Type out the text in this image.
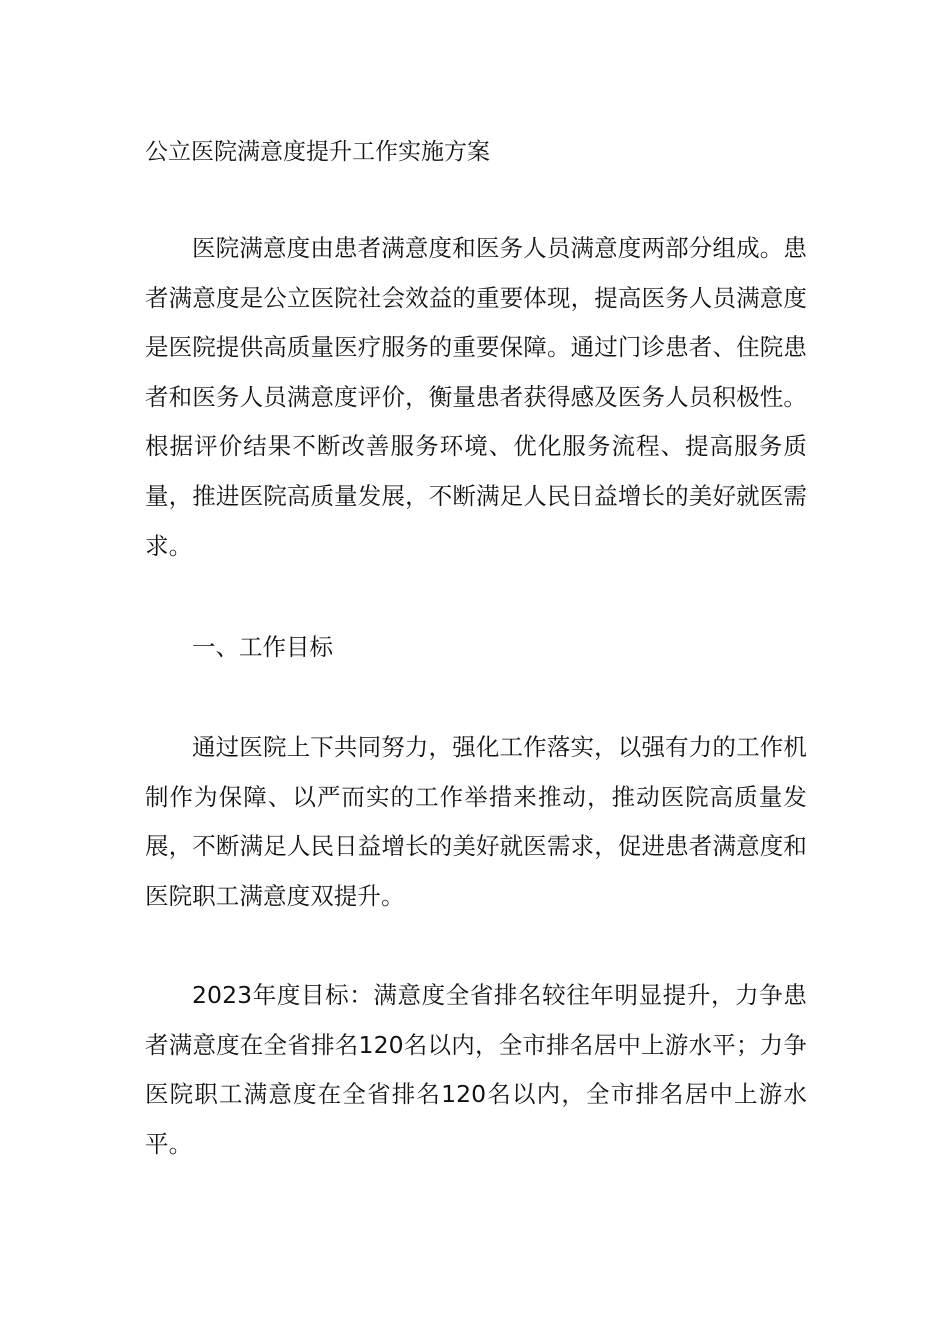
公立医院满意度提升工作实施方案

医院满意度由患者满意度和医务人员满意度两部分组成。患者满意度是公立医院社会效益的重要体现，提高医务人员满意度是医院提供高质量医疗服务的重要保障。通过门诊患者、住院患者和医务人员满意度评价，衡量患者获得感及医务人员积极性。根据评价结果不断改善服务环境、优化服务流程、提高服务质量，推进医院高质量发展，不断满足人民日益增长的美好就医需求。

一、工作目标

通过医院上下共同努力，强化工作落实，以强有力的工作机制作为保障、以严而实的工作举措来推动，推动医院高质量发展，不断满足人民日益增长的美好就医需求，促进患者满意度和医院职工满意度双提升。

2023年度目标：满意度全省排名较往年明显提升，力争患者满意度在全省排名120名以内，全市排名居中上游水平；力争医院职工满意度在全省排名120名以内，全市排名居中上游水平。
